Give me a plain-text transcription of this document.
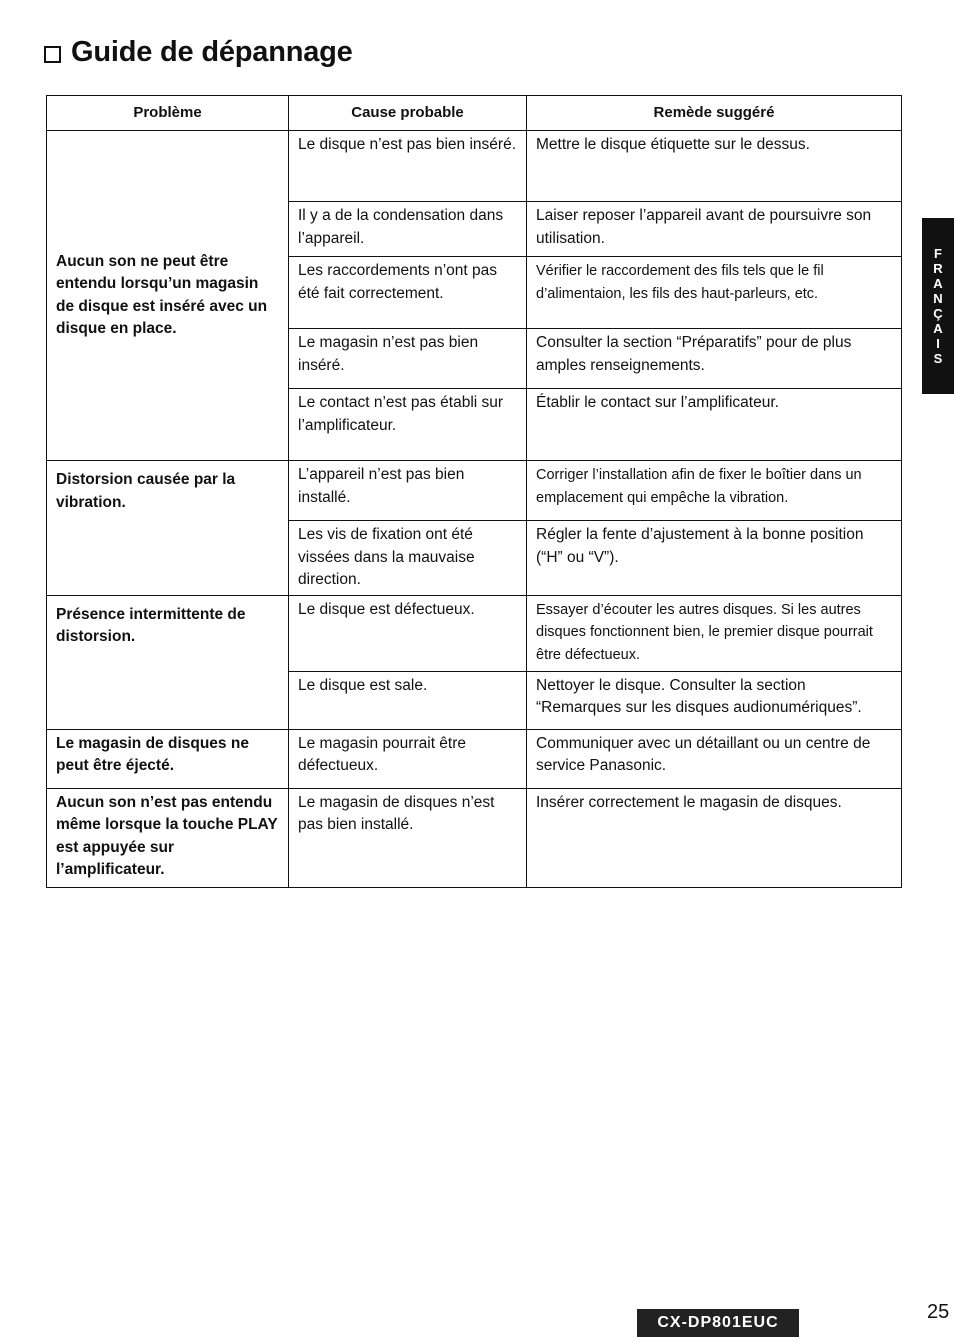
Guide de dépannage
F
R
A
N
Ç
A
I
S
Problème	Cause probable	Remède suggéré
Aucun son ne peut être entendu lorsqu’un magasin de disque est inséré avec un disque en place.	Le disque n’est pas bien inséré.	Mettre le disque étiquette sur le dessus.
	Il y a de la condensation dans l’appareil.	Laiser reposer l’appareil avant de poursuivre son utilisation.
	Les raccordements n’ont pas été fait correctement.	Vérifier le raccordement des fils tels que le fil d’alimentaion, les fils des haut-parleurs, etc.
	Le magasin n’est pas bien inséré.	Consulter la section “Préparatifs” pour de plus amples renseignements.
	Le contact n’est pas établi sur l’amplificateur.	Établir le contact sur l’amplificateur.
Distorsion causée par la vibration.	L’appareil n’est pas bien installé.	Corriger l’installation afin de fixer le boîtier dans un emplacement qui empêche la vibration.
	Les vis de fixation ont été vissées dans la mauvaise direction.	Régler la fente d’ajustement à la bonne position (“H” ou “V”).
Présence intermittente de distorsion.	Le disque est défectueux.	Essayer d’écouter les autres disques. Si les autres disques fonctionnent bien, le premier disque pourrait être défectueux.
	Le disque est sale.	Nettoyer le disque. Consulter la section “Remarques sur les disques audionumériques”.
Le magasin de disques ne peut être éjecté.	Le magasin pourrait être défectueux.	Communiquer avec un détaillant ou un centre de service Panasonic.
Aucun son n’est pas entendu même lorsque la touche PLAY est appuyée sur l’amplificateur.	Le magasin de disques n’est pas bien installé.	Insérer correctement le magasin de disques.
CX-DP801EUC	25
